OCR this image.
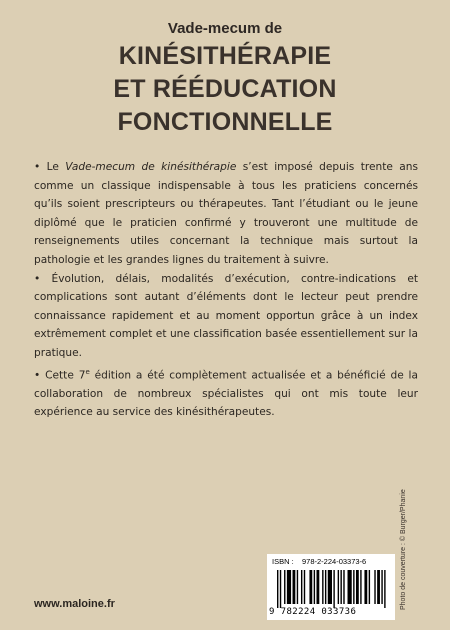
Vade-mecum de
KINÉSITHÉRAPIE
ET RÉÉDUCATION
FONCTIONNELLE

• Le Vade-mecum de kinésithérapie s’est imposé depuis trente ans comme un classique indispensable à tous les praticiens concernés qu’ils soient prescripteurs ou thérapeutes. Tant l’étudiant ou le jeune diplômé que le praticien confirmé y trouveront une multitude de renseignements utiles concernant la technique mais surtout la pathologie et les grandes lignes du traitement à suivre.

• Évolution, délais, modalités d’exécution, contre-indications et complications sont autant d’éléments dont le lecteur peut prendre connaissance rapidement et au moment opportun grâce à un index extrêmement complet et une classification basée essentiellement sur la pratique.

• Cette 7e édition a été complètement actualisée et a bénéficié de la collaboration de nombreux spécialistes qui ont mis toute leur expérience au service des kinésithérapeutes.

Photo de couverture : © Burger/Phanie
ISBN : 978-2-224-03373-6
9 782224 033736
www.maloine.fr
